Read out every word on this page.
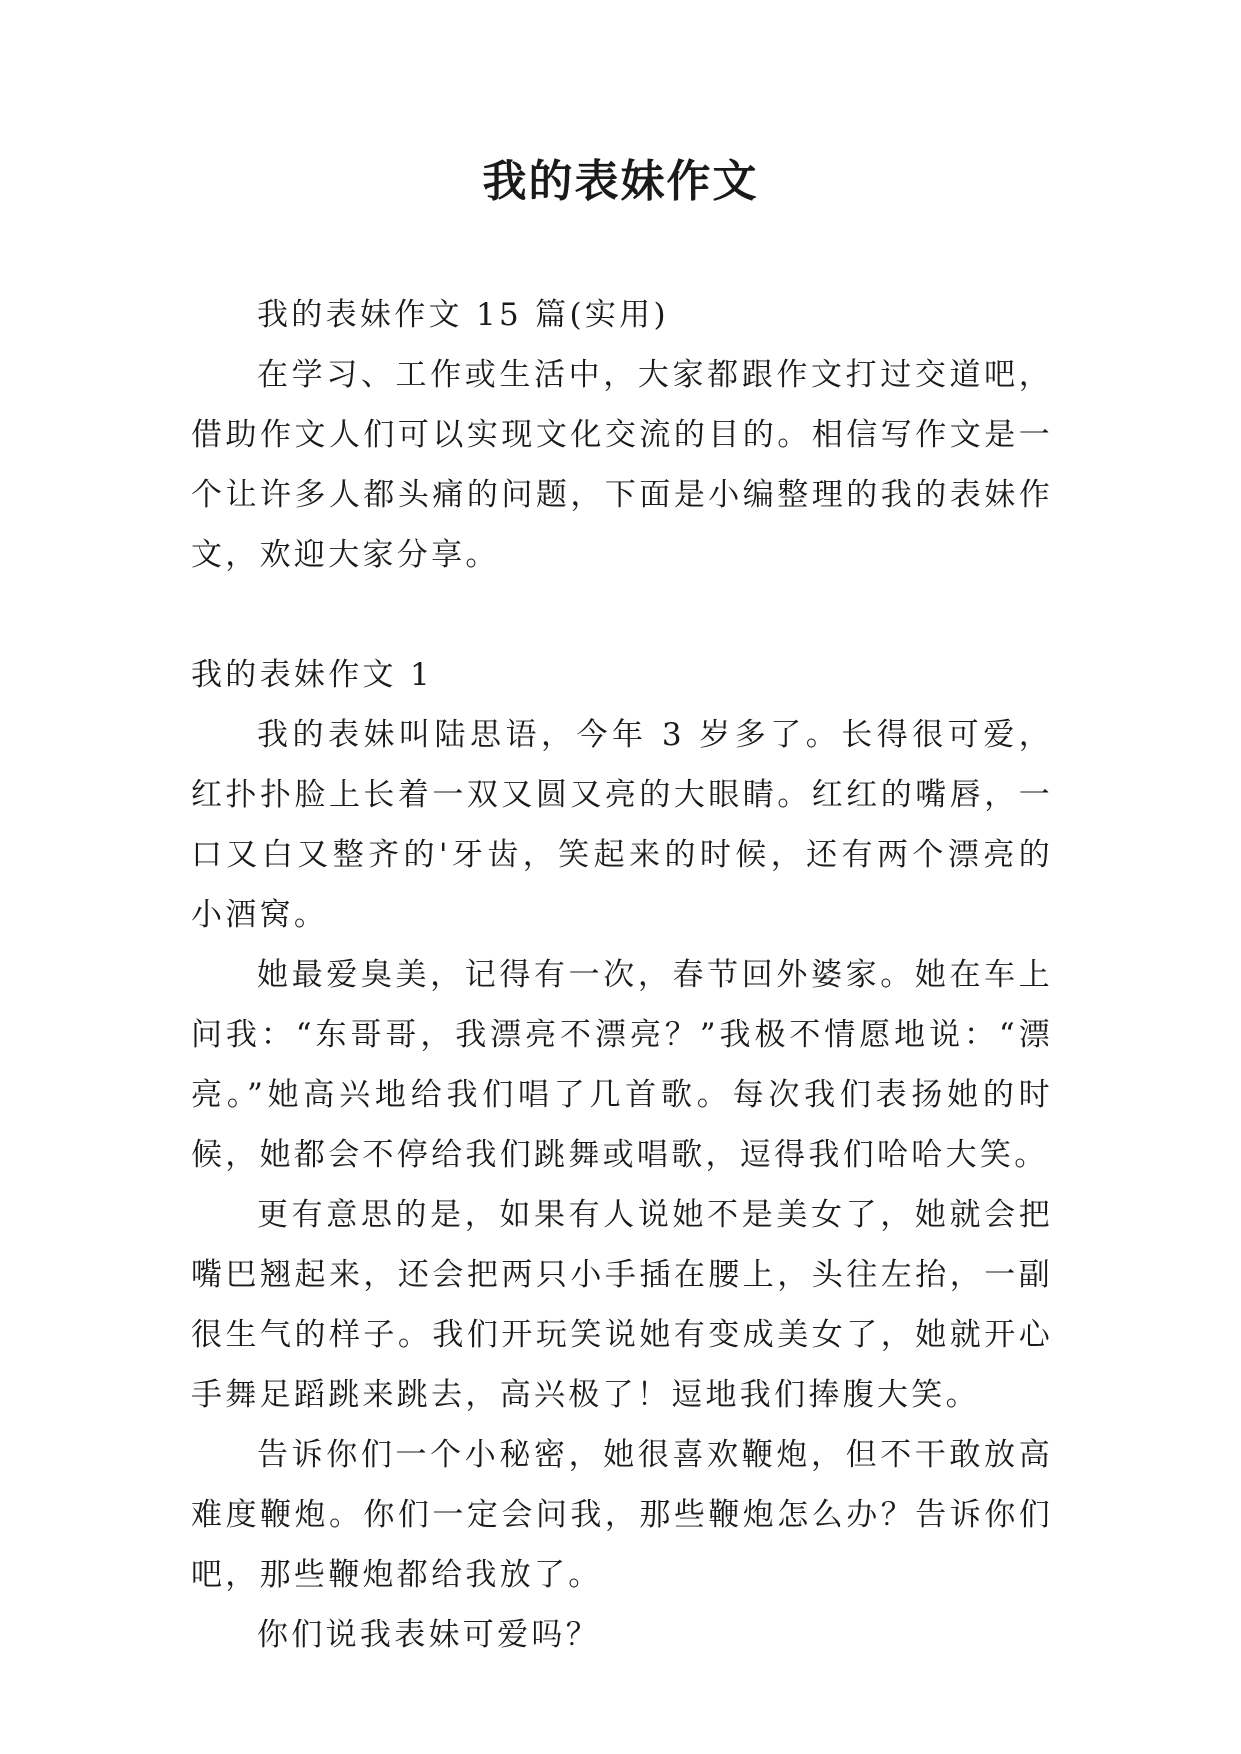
我的表妹作文

我的表妹作文 15 篇(实用)

在学习、工作或生活中，大家都跟作文打过交道吧，借助作文人们可以实现文化交流的目的。相信写作文是一个让许多人都头痛的问题，下面是小编整理的我的表妹作文，欢迎大家分享。

我的表妹作文 1

我的表妹叫陆思语，今年 3 岁多了。长得很可爱，红扑扑脸上长着一双又圆又亮的大眼睛。红红的嘴唇，一口又白又整齐的'牙齿，笑起来的时候，还有两个漂亮的小酒窝。

她最爱臭美，记得有一次，春节回外婆家。她在车上问我：“东哥哥，我漂亮不漂亮？”我极不情愿地说：“漂亮。”她高兴地给我们唱了几首歌。每次我们表扬她的时候，她都会不停给我们跳舞或唱歌，逗得我们哈哈大笑。

更有意思的是，如果有人说她不是美女了，她就会把嘴巴翘起来，还会把两只小手插在腰上，头往左抬，一副很生气的样子。我们开玩笑说她有变成美女了，她就开心手舞足蹈跳来跳去，高兴极了！逗地我们捧腹大笑。

告诉你们一个小秘密，她很喜欢鞭炮，但不干敢放高难度鞭炮。你们一定会问我，那些鞭炮怎么办？告诉你们吧，那些鞭炮都给我放了。

你们说我表妹可爱吗？
